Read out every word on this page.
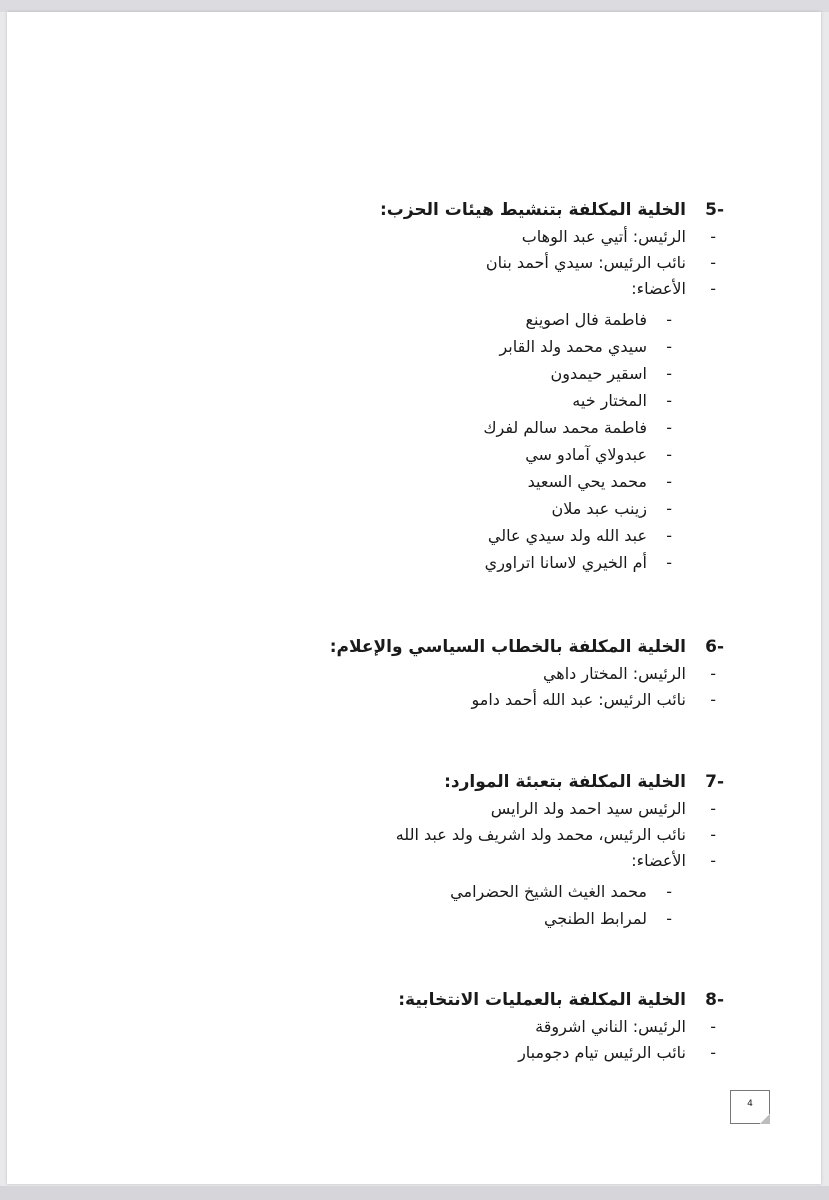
-5الخلية المكلفة بتنشيط هيئات الحزب:
-
الرئيس: أتيي عبد الوهاب
-
نائب الرئيس: سيدي أحمد بنان
-
الأعضاء:
-
فاطمة فال اصوينع
-
سيدي محمد ولد القابر
-
اسقير حيمدون
-
المختار خيه
-
فاطمة محمد سالم لفرك
-
عبدولاي آمادو سي
-
محمد يحي السعيد
-
زينب عبد ملان
-
عبد الله ولد سيدي عالي
-
أم الخيري لاسانا اتراوري
-6الخلية المكلفة بالخطاب السياسي والإعلام:
-
الرئيس: المختار داهي
-
نائب الرئيس: عبد الله أحمد دامو
-7الخلية المكلفة بتعبئة الموارد:
-
الرئيس سيد احمد ولد الرايس
-
نائب الرئيس، محمد ولد اشريف ولد عبد الله
-
الأعضاء:
-
محمد الغيث الشيخ الحضرامي
-
لمرابط الطنجي
-8الخلية المكلفة بالعمليات الانتخابية:
-
الرئيس: الناني اشروقة
-
نائب الرئيس تيام دجومبار
4
